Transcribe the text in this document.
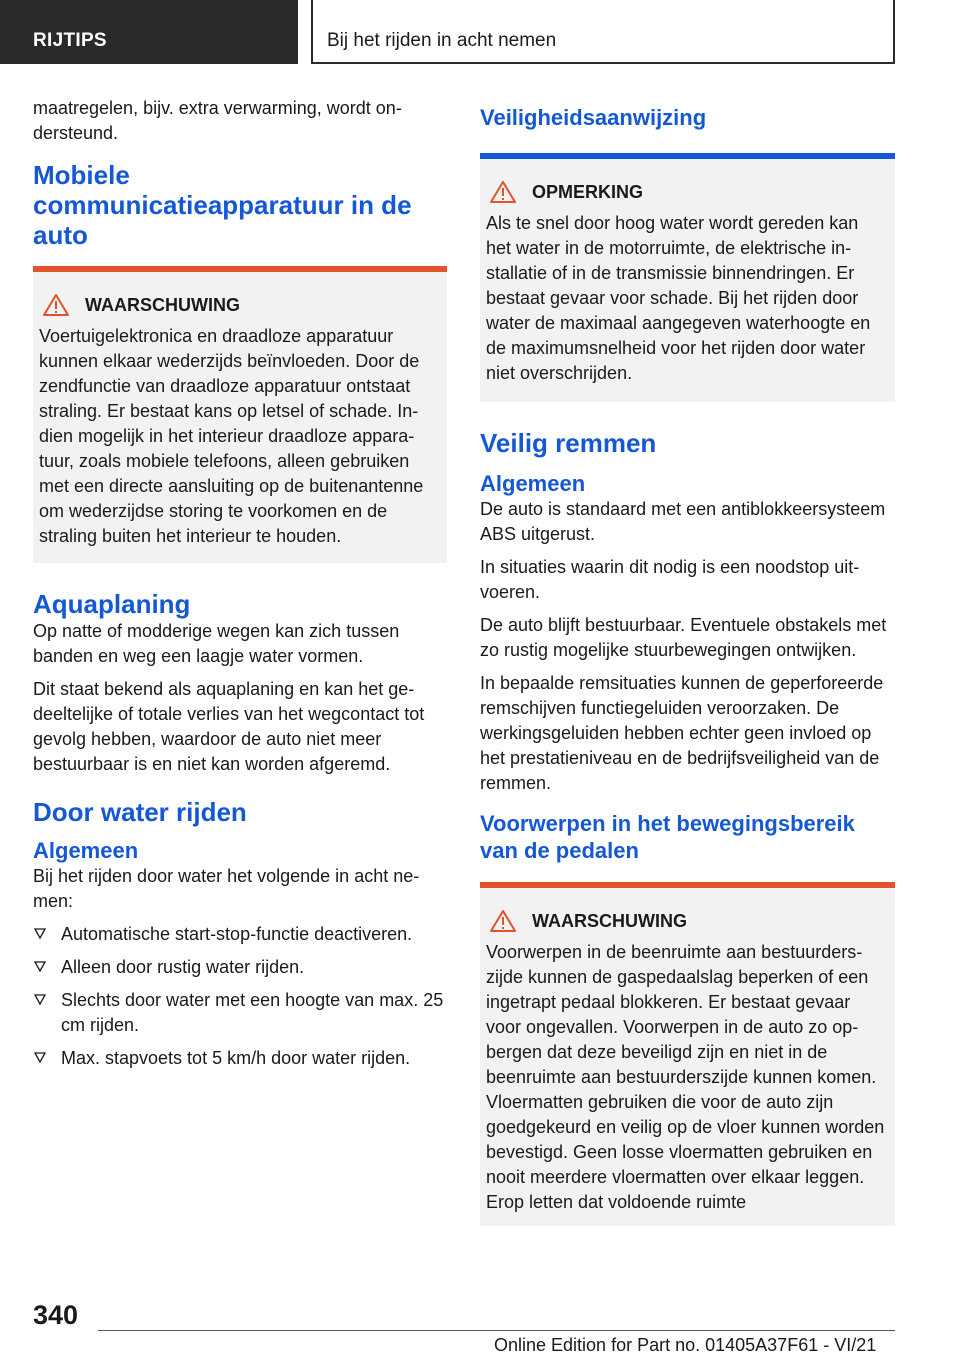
RIJTIPS	Bij het rijden in acht nemen

maatregelen, bijv. extra verwarming, wordt ondersteund.

Mobiele communicatieapparatuur in de auto
WAARSCHUWING

Voertuigelektronica en draadloze apparatuur kunnen elkaar wederzijds beïnvloeden. Door de zendfunctie van draadloze apparatuur ontstaat straling. Er bestaat kans op letsel of schade. Indien mogelijk in het interieur draadloze apparatuur, zoals mobiele telefoons, alleen gebruiken met een directe aansluiting op de buitenantenne om wederzijdse storing te voorkomen en de straling buiten het interieur te houden.

Aquaplaning

Op natte of modderige wegen kan zich tussen banden en weg een laagje water vormen.

Dit staat bekend als aquaplaning en kan het gedeeltelijke of totale verlies van het wegcontact tot gevolg hebben, waardoor de auto niet meer bestuurbaar is en niet kan worden afgeremd.

Door water rijden
Algemeen

Bij het rijden door water het volgende in acht nemen:

Automatische start-stop-functie deactiveren.
Alleen door rustig water rijden.
Slechts door water met een hoogte van max. 25 cm rijden.
Max. stapvoets tot 5 km/h door water rijden.
Veiligheidsaanwijzing
OPMERKING

Als te snel door hoog water wordt gereden kan het water in de motorruimte, de elektrische installatie of in de transmissie binnendringen. Er bestaat gevaar voor schade. Bij het rijden door water de maximaal aangegeven waterhoogte en de maximumsnelheid voor het rijden door water niet overschrijden.

Veilig remmen
Algemeen

De auto is standaard met een antiblokkeersysteem ABS uitgerust.

In situaties waarin dit nodig is een noodstop uitvoeren.

De auto blijft bestuurbaar. Eventuele obstakels met zo rustig mogelijke stuurbewegingen ontwijken.

In bepaalde remsituaties kunnen de geperforeerde remschijven functiegeluiden veroorzaken. De werkingsgeluiden hebben echter geen invloed op het prestatieniveau en de bedrijfsveiligheid van de remmen.

Voorwerpen in het bewegingsbereik van de pedalen
WAARSCHUWING

Voorwerpen in de beenruimte aan bestuurderszijde kunnen de gaspedaalslag beperken of een ingetrapt pedaal blokkeren. Er bestaat gevaar voor ongevallen. Voorwerpen in de auto zo opbergen dat deze beveiligd zijn en niet in de beenruimte aan bestuurderszijde kunnen komen. Vloermatten gebruiken die voor de auto zijn goedgekeurd en veilig op de vloer kunnen worden bevestigd. Geen losse vloermatten gebruiken en nooit meerdere vloermatten over elkaar leggen. Erop letten dat voldoende ruimte

340
Online Edition for Part no. 01405A37F61 - VI/21
